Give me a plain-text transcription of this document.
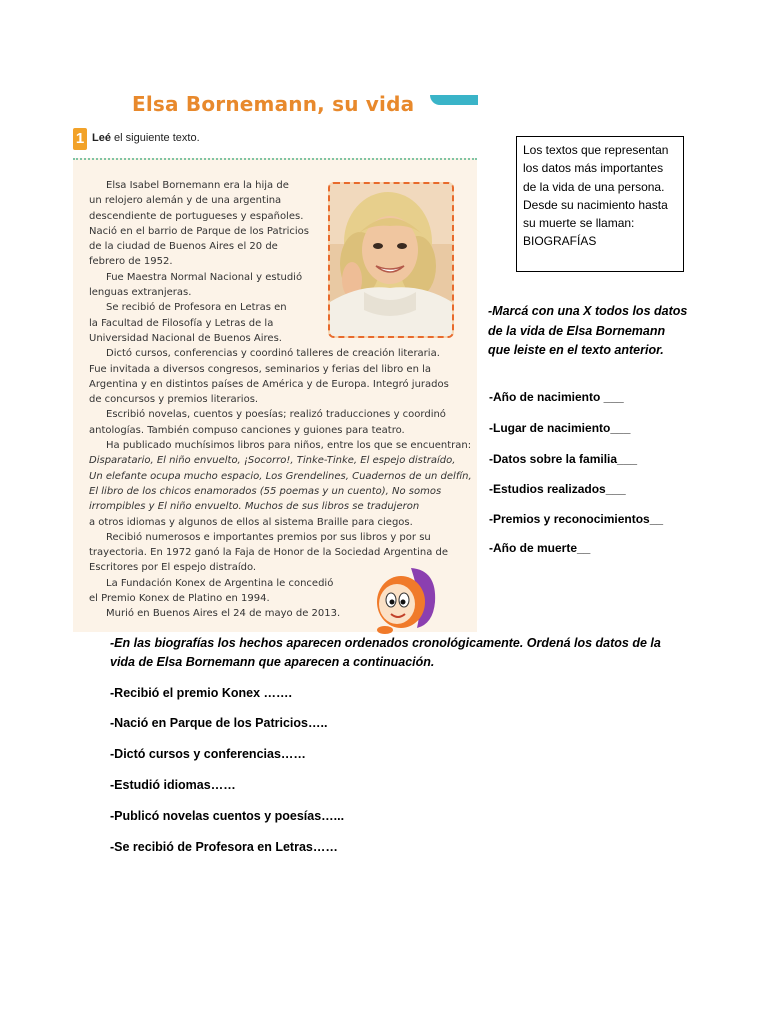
Elsa Bornemann, su vida
1 Leé el siguiente texto.
Elsa Isabel Bornemann era la hija de
un relojero alemán y de una argentina
descendiente de portugueses y españoles.
Nació en el barrio de Parque de los Patricios
de la ciudad de Buenos Aires el 20 de
febrero de 1952.
Fue Maestra Normal Nacional y estudió
lenguas extranjeras.
Se recibió de Profesora en Letras en
la Facultad de Filosofía y Letras de la
Universidad Nacional de Buenos Aires.
Dictó cursos, conferencias y coordinó talleres de creación literaria.
Fue invitada a diversos congresos, seminarios y ferias del libro en la
Argentina y en distintos países de América y de Europa. Integró jurados
de concursos y premios literarios.
Escribió novelas, cuentos y poesías; realizó traducciones y coordinó
antologías. También compuso canciones y guiones para teatro.
Ha publicado muchísimos libros para niños, entre los que se encuentran:
Disparatario, El niño envuelto, ¡Socorro!, Tinke-Tinke, El espejo distraído,
Un elefante ocupa mucho espacio, Los Grendelines, Cuadernos de un delfín,
El libro de los chicos enamorados (55 poemas y un cuento), No somos
irrompibles y El niño envuelto. Muchos de sus libros se tradujeron
a otros idiomas y algunos de ellos al sistema Braille para ciegos.
Recibió numerosos e importantes premios por sus libros y por su
trayectoria. En 1972 ganó la Faja de Honor de la Sociedad Argentina de
Escritores por El espejo distraído.
La Fundación Konex de Argentina le concedió
el Premio Konex de Platino en 1994.
Murió en Buenos Aires el 24 de mayo de 2013.
Los textos que representan los datos más importantes de la vida de una persona. Desde su nacimiento hasta su muerte se llaman: BIOGRAFÍAS
-Marcá con una X todos los datos de la vida de Elsa Bornemann que leiste en el texto anterior.
-Año de nacimiento ___
-Lugar de nacimiento___
-Datos sobre la familia___
-Estudios realizados___
-Premios y reconocimientos__
-Año de muerte__
-En las biografías los hechos aparecen ordenados cronológicamente. Ordená los datos de la vida de Elsa Bornemann que aparecen a continuación.
-Recibió el premio Konex …….
-Nació en Parque de los Patricios…..
-Dictó cursos y conferencias……
-Estudió idiomas……
-Publicó novelas cuentos y poesías…...
-Se recibió de Profesora en Letras……
